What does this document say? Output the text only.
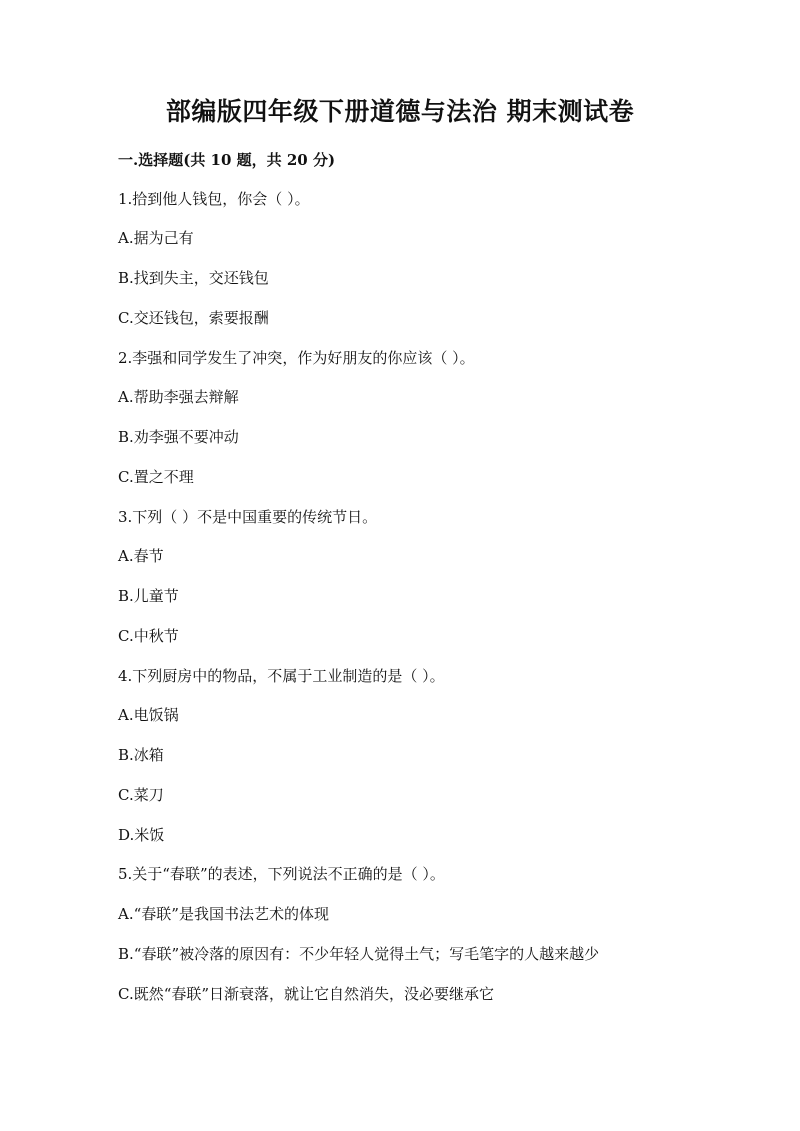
部编版四年级下册道德与法治 期末测试卷
一.选择题(共 10 题，共 20 分)
1.拾到他人钱包，你会（ ）。
A.据为己有
B.找到失主，交还钱包
C.交还钱包，索要报酬
2.李强和同学发生了冲突，作为好朋友的你应该（ ）。
A.帮助李强去辩解
B.劝李强不要冲动
C.置之不理
3.下列（ ）不是中国重要的传统节日。
A.春节
B.儿童节
C.中秋节
4.下列厨房中的物品，不属于工业制造的是（ ）。
A.电饭锅
B.冰箱
C.菜刀
D.米饭
5.关于“春联”的表述，下列说法不正确的是（ ）。
A.“春联”是我国书法艺术的体现
B.“春联”被冷落的原因有：不少年轻人觉得土气；写毛笔字的人越来越少
C.既然“春联”日渐衰落，就让它自然消失，没必要继承它
